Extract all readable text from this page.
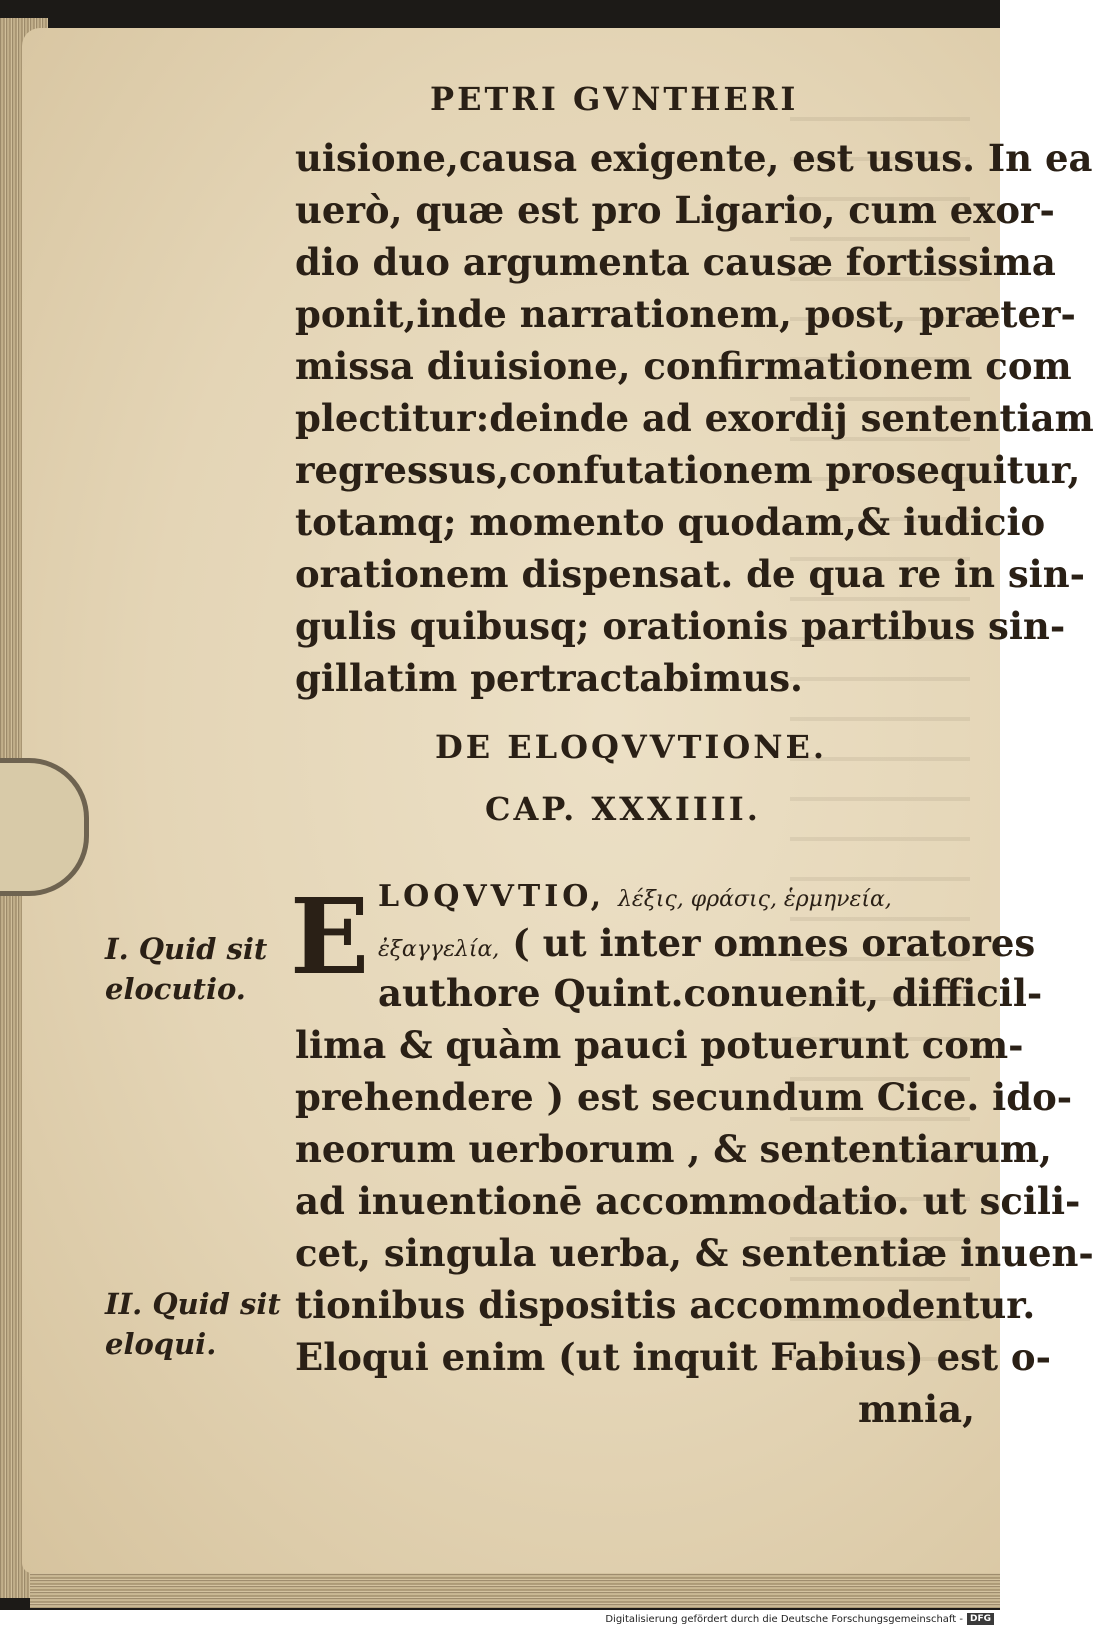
PETRI GVNTHERI
uisione,causa exigente, est usus. In ea
uerò, quæ est pro Ligario, cum exor-
dio duo argumenta causæ fortissima
ponit,inde narrationem, post, præter-
missa diuisione, confirmationem com
plectitur:deinde ad exordij sententiam
regressus,confutationem prosequitur,
totamq; momento quodam,& iudicio
orationem dispensat. de qua re in sin-
gulis quibusq; orationis partibus sin-
gillatim pertractabimus.
DE ELOQVVTIONE.
CAP. XXXIIII.
E LOQVVTIO, λέξις, φράσις, ἑρμηνεία,
ἐξαγγελία, ( ut inter omnes oratores
authore Quint.conuenit, difficil-
lima & quàm pauci potuerunt com-
prehendere ) est secundum Cice. ido-
neorum uerborum , & sententiarum,
ad inuentionē accommodatio. ut scili-
cet, singula uerba, & sententiæ inuen-
tionibus dispositis accommodentur.
Eloqui enim (ut inquit Fabius) est o-
mnia,
I. Quid sit
elocutio.
II. Quid sit
eloqui.
Digitalisierung gefördert durch die Deutsche Forschungsgemeinschaft - DFG
